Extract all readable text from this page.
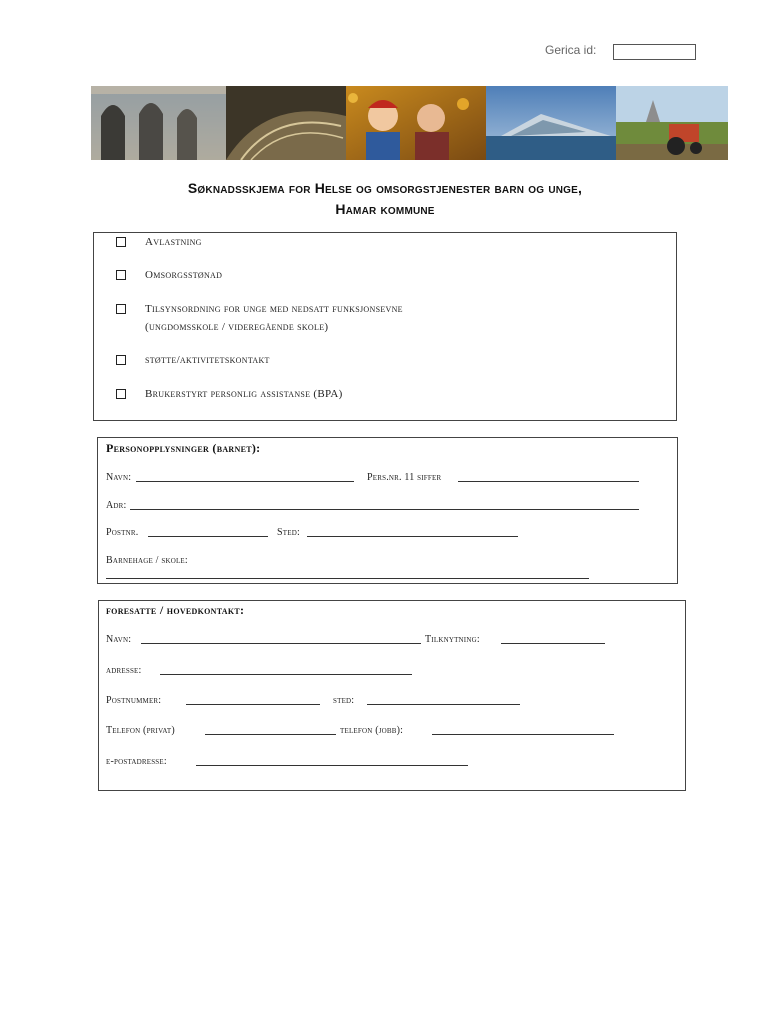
Gerica id:
Søknadsskjema for Helse og omsorgstjenester barn og unge,
Hamar kommune
Avlastning
Omsorgsstønad
Tilsynsordning for unge med nedsatt funksjonsevne
(ungdomsskole / videregående skole)
støtte/aktivitetskontakt
Brukerstyrt personlig assistanse (BPA)
Personopplysninger (barnet):
Navn:	Pers.nr. 11 siffer
Adr:
Postnr.	Sted:
Barnehage / skole:
foresatte / hovedkontakt:
Navn:	Tilknytning:
adresse:
Postnummer:	sted:
Telefon (privat)	telefon (jobb):
e-postadresse:
